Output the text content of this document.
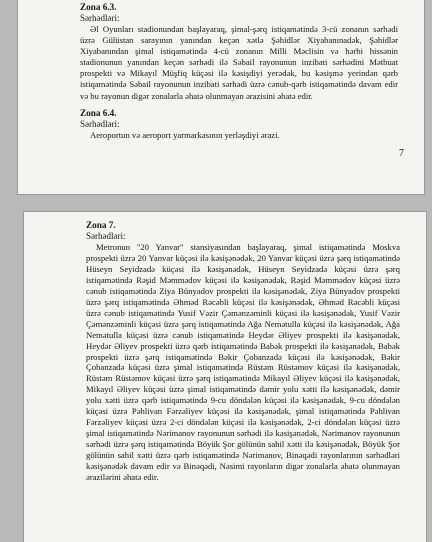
Zona 6.3.
Sərhədləri:

Əl Oyunları stadionundan başlayaraq, şimal-şərq istiqamətində 3-cü zonanın sərhədi üzrə Gülüstan sarayının yanından keçən xətlə Şəhidlər Xiyabanınadək, Şəhidlər Xiyabanından şimal istiqamətində 4-cü zonanın Milli Məclisin və hərbi hissənin stadionunun yanından keçən sərhədi ilə Səbail rayonunun inzibati sərhədini Mətbuat prospekti və Mikayıl Müşfiq küçəsi ilə kəsişdiyi yerədək, bu kəsişmə yerindən qərb istiqamətində Səbail rayonunun inzibati sərhədi üzrə cənub-qərb istiqamətində davam edir və bu rayonun digər zonalarla əhatə olunmayan ərazisini əhatə edir.

Zona 6.4.
Sərhədləri:

Aeroportun və aeroport yarmarkasının yerləşdiyi ərazi.

7
Zona 7.
Sərhədləri:

Metronun "20 Yanvar" stansiyasından başlayaraq, şimal istiqamətində Moskva prospekti üzrə 20 Yanvar küçəsi ilə kəsişənədək, 20 Yanvar küçəsi üzrə şərq istiqamətində Hüseyn Seyidzadə küçəsi ilə kəsişənədək, Hüseyn Seyidzadə küçəsi üzrə şərq istiqamətində Rəşid Məmmədov küçəsi ilə kəsişənədək, Rəşid Məmmədov küçəsi üzrə cənub istiqamətində Ziya Bünyadov prospekti ilə kəsişənədək, Ziya Bünyadov prospekti üzrə şərq istiqamətində Əhməd Rəcəbli küçəsi ilə kəsişənədək, Əhməd Rəcəbli küçəsi üzrə cənub istiqamətində Yusif Vəzir Çəmənzəminli küçəsi ilə kəsişənədək, Yusif Vəzir Çəmənzəminli küçəsi üzrə şərq istiqamətində Ağa Nemətulla küçəsi ilə kəsişənədək, Ağa Nemətulla küçəsi üzrə cənub istiqamətində Heydər Əliyev prospekti ilə kəsişənədək, Heydər Əliyev prospekti üzrə qərb istiqamətində Babək prospekti ilə kəsişənədək, Babək prospekti üzrə şərq istiqamətində Bəkir Çobanzadə küçəsi ilə kəsişənədək, Bəkir Çobanzadə küçəsi üzrə şimal istiqamətində Rüstəm Rüstəmov küçəsi ilə kəsişənədək, Rüstəm Rüstəmov küçəsi üzrə şərq istiqamətində Mikayıl Əliyev küçəsi ilə kəsişənədək, Mikayıl Əliyev küçəsi üzrə şimal istiqamətində dəmir yolu xətti ilə kəsişənədək, dəmir yolu xətti üzrə qərb istiqamətində 9-cu döndələn küçəsi ilə kəsişənədək, 9-cu döndələn küçəsi üzrə Pəhlivan Fərzəliyev küçəsi ilə kəsişənədək, şimal istiqamətində Pəhlivan Fərzəliyev küçəsi üzrə 2-ci döndələn küçəsi ilə kəsişənədək, 2-ci döndələn küçəsi üzrə şimal istiqamətində Nərimanov rayonunun sərhədi ilə kəsişənədək, Nərimanov rayonunun sərhədi üzrə şərq istiqamətində Böyük Şor gölünün sahil xətti ilə kəsişənədək, Böyük Şor gölünün sahil xətti üzrə qərb istiqamətində Nərimanov, Binəqədi rayonlarının sərhədləri kəsişənədək davam edir və Binəqədi, Nəsimi rayonların digər zonalarla əhatə olunmayan ərazilərini əhatə edir.
